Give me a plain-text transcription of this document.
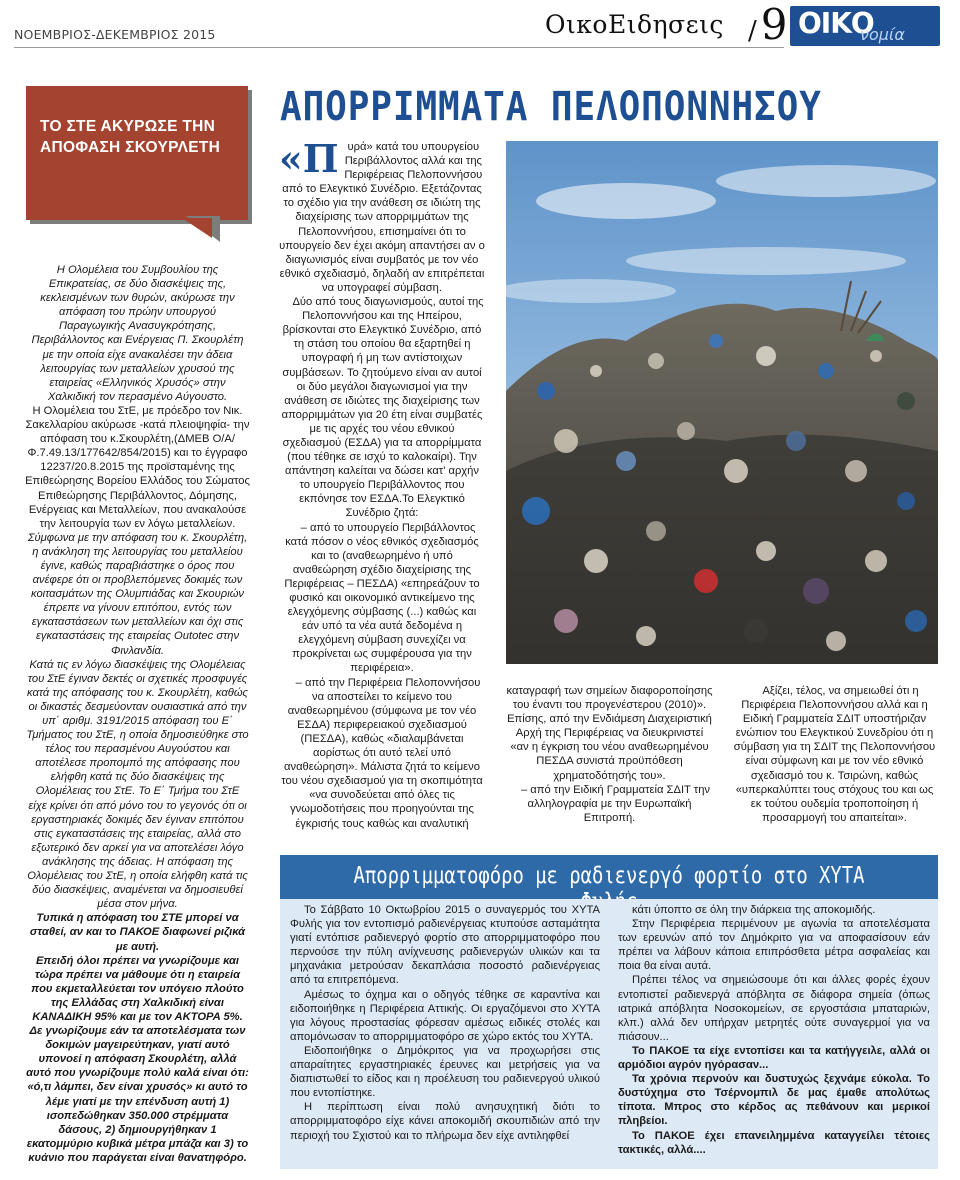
ΝΟΕΜΒΡΙΟΣ-ΔΕΚΕΜΒΡΙΟΣ 2015	ΟικοΕιδησεις /9 ΟΙΚΟ
νομία
ΤΟ ΣΤΕ ΑΚΥΡΩΣΕ ΤΗΝ ΑΠΟΦΑΣΗ ΣΚΟΥΡΛΕΤΗ

Η Ολομέλεια του Συμβουλίου της Επικρατείας, σε δύο διασκέψεις της, κεκλεισμένων των θυρών, ακύρωσε την απόφαση του πρώην υπουργού Παραγωγικής Ανασυγκρότησης, Περιβάλλοντος και Ενέργειας Π. Σκουρλέτη με την οποία είχε ανακαλέσει την άδεια λειτουργίας των μεταλλείων χρυσού της εταιρείας «Ελληνικός Χρυσός» στην Χαλκιδική τον περασμένο Αύγουστο.

Η Ολομέλεια του ΣτΕ, με πρόεδρο τον Νικ. Σακελλαρίου ακύρωσε -κατά πλειοψηφία- την απόφαση του κ.Σκουρλέτη,(ΔΜΕΒ Ο/Α/Φ.7.49.13/177642/854/2015) και το έγγραφο 12237/20.8.2015 της προϊσταμένης της Επιθεώρησης Βορείου Ελλάδος του Σώματος Επιθεώρησης Περιβάλλοντος, Δόμησης, Ενέργειας και Μεταλλείων, που ανακαλούσε την λειτουργία των εν λόγω μεταλλείων.

Σύμφωνα με την απόφαση του κ. Σκουρλέτη, η ανάκληση της λειτουργίας του μεταλλείου έγινε, καθώς παραβιάστηκε ο όρος που ανέφερε ότι οι προβλεπόμενες δοκιμές των κοιτασμάτων της Ολυμπιάδας και Σκουριών έπρεπε να γίνουν επιτόπου, εντός των εγκαταστάσεων των μεταλλείων και όχι στις εγκαταστάσεις της εταιρείας Outotec στην Φινλανδία.

Κατά τις εν λόγω διασκέψεις της Ολομέλειας του ΣτΕ έγιναν δεκτές οι σχετικές προσφυγές κατά της απόφασης του κ. Σκουρλέτη, καθώς οι δικαστές δεσμεύονταν ουσιαστικά από την υπ΄ αριθμ. 3191/2015 απόφαση του Ε΄ Τμήματος του ΣτΕ, η οποία δημοσιεύθηκε στο τέλος του περασμένου Αυγούστου και αποτέλεσε προπομπό της απόφασης που ελήφθη κατά τις δύο διασκέψεις της Ολομέλειας του ΣτΕ. Το Ε΄ Τμήμα του ΣτΕ είχε κρίνει ότι από μόνο του το γεγονός ότι οι εργαστηριακές δοκιμές δεν έγιναν επιτόπου στις εγκαταστάσεις της εταιρείας, αλλά στο εξωτερικό δεν αρκεί για να αποτελέσει λόγο ανάκλησης της άδειας. Η απόφαση της Ολομέλειας του ΣτΕ, η οποία ελήφθη κατά τις δύο διασκέψεις, αναμένεται να δημοσιευθεί μέσα στον μήνα.

Τυπικά η απόφαση του ΣΤΕ μπορεί να σταθεί, αν και το ΠΑΚΟΕ διαφωνεί ριζικά με αυτή.

Επειδή όλοι πρέπει να γνωρίζουμε και τώρα πρέπει να μάθουμε ότι η εταιρεία που εκμεταλλεύεται τον υπόγειο πλούτο της Ελλάδας στη Χαλκιδική είναι ΚΑΝΑΔΙΚΗ 95% και με τον ΑΚΤΟΡΑ 5%.

Δε γνωρίζουμε εάν τα αποτελέσματα των δοκιμών μαγειρεύτηκαν, γιατί αυτό υπονοεί η απόφαση Σκουρλέτη, αλλά αυτό που γνωρίζουμε πολύ καλά είναι ότι: «ό,τι λάμπει, δεν είναι χρυσός» κι αυτό το λέμε γιατί με την επένδυση αυτή 1) ισοπεδώθηκαν 350.000 στρέμματα δάσους, 2) δημιουργήθηκαν 1 εκατομμύριο κυβικά μέτρα μπάζα και 3) το κυάνιο που παράγεται είναι θανατηφόρο.

ΑΠΟΡΡΙΜΜΑΤΑ ΠΕΛΟΠΟΝΝΗΣΟΥ

«Π υρά» κατά του υπουργείου Περιβάλλοντος αλλά και της Περιφέρειας Πελοποννήσου από το Ελεγκτικό Συνέδριο. Εξετάζοντας το σχέδιο για την ανάθεση σε ιδιώτη της διαχείρισης των απορριμμάτων της Πελοποννήσου, επισημαίνει ότι το υπουργείο δεν έχει ακόμη απαντήσει αν ο διαγωνισμός είναι συμβατός με τον νέο εθνικό σχεδιασμό, δηλαδή αν επιτρέπεται να υπογραφεί σύμβαση.

Δύο από τους διαγωνισμούς, αυτοί της Πελοποννήσου και της Ηπείρου, βρίσκονται στο Ελεγκτικό Συνέδριο, από τη στάση του οποίου θα εξαρτηθεί η υπογραφή ή μη των αντίστοιχων συμβάσεων. Το ζητούμενο είναι αν αυτοί οι δύο μεγάλοι διαγωνισμοί για την ανάθεση σε ιδιώτες της διαχείρισης των απορριμμάτων για 20 έτη είναι συμβατές με τις αρχές του νέου εθνικού σχεδιασμού (ΕΣΔΑ) για τα απορρίμματα (που τέθηκε σε ισχύ το καλοκαίρι). Την απάντηση καλείται να δώσει κατ' αρχήν το υπουργείο Περιβάλλοντος που εκπόνησε τον ΕΣΔΑ.Το Ελεγκτικό Συνέδριο ζητά:

– από το υπουργείο Περιβάλλοντος κατά πόσον ο νέος εθνικός σχεδιασμός και το (αναθεωρημένο ή υπό αναθεώρηση σχέδιο διαχείρισης της Περιφέρειας – ΠΕΣΔΑ) «επηρεάζουν το φυσικό και οικονομικό αντικείμενο της ελεγχόμενης σύμβασης (...) καθώς και εάν υπό τα νέα αυτά δεδομένα η ελεγχόμενη σύμβαση συνεχίζει να προκρίνεται ως συμφέρουσα για την περιφέρεια».

– από την Περιφέρεια Πελοποννήσου να αποστείλει το κείμενο του αναθεωρημένου (σύμφωνα με τον νέο ΕΣΔΑ) περιφερειακού σχεδιασμού (ΠΕΣΔΑ), καθώς «διαλαμβάνεται αορίστως ότι αυτό τελεί υπό αναθεώρηση». Μάλιστα ζητά το κείμενο του νέου σχεδιασμού για τη σκοπιμότητα «να συνοδεύεται από όλες τις γνωμοδοτήσεις που προηγούνται της έγκρισής τους καθώς και αναλυτική

καταγραφή των σημείων διαφοροποίησης του έναντι του προγενέστερου (2010)». Επίσης, από την Ενδιάμεση Διαχειριστική Αρχή της Περιφέρειας να διευκρινιστεί «αν η έγκριση του νέου αναθεωρημένου ΠΕΣΔΑ συνιστά προϋπόθεση χρηματοδότησής του».

– από την Ειδική Γραμματεία ΣΔΙΤ την αλληλογραφία με την Ευρωπαϊκή Επιτροπή.

Αξίζει, τέλος, να σημειωθεί ότι η Περιφέρεια Πελοποννήσου αλλά και η Ειδική Γραμματεία ΣΔΙΤ υποστήριζαν ενώπιον του Ελεγκτικού Συνεδρίου ότι η σύμβαση για τη ΣΔΙΤ της Πελοποννήσου είναι σύμφωνη και με τον νέο εθνικό σχεδιασμό του κ. Τσιρώνη, καθώς «υπερκαλύπτει τους στόχους του και ως εκ τούτου ουδεμία τροποποίηση ή προσαρμογή του απαιτείται».

Απορριμματοφόρο με ραδιενεργό φορτίο στο ΧΥΤΑ

Το Σάββατο 10 Οκτωβρίου 2015 ο συναγερμός του ΧΥΤΑ Φυλής για τον εντοπισμό ραδιενέργειας κτυπούσε ασταμάτητα γιατί εντόπισε ραδιενεργό φορτίο στο απορριμματοφόρο που περνούσε την πύλη ανίχνευσης ραδιενεργών υλικών και τα μηχανάκια μετρούσαν δεκαπλάσια ποσοστό ραδιενέργειας από τα επιτρεπόμενα.

Αμέσως το όχημα και ο οδηγός τέθηκε σε καραντίνα και ειδοποιήθηκε η Περιφέρεια Αττικής. Οι εργαζόμενοι στο ΧΥΤΑ για λόγους προστασίας φόρεσαν αμέσως ειδικές στολές και απομόνωσαν το απορριμματοφόρο σε χώρο εκτός του ΧΥΤΑ.

Ειδοποιήθηκε ο Δημόκριτος για να προχωρήσει στις απαραίτητες εργαστηριακές έρευνες και μετρήσεις για να διαπιστωθεί το είδος και η προέλευση του ραδιενεργού υλικού που εντοπίστηκε.

Η περίπτωση είναι πολύ ανησυχητική διότι το απορριμματοφόρο είχε κάνει αποκομιδή σκουπιδιών από την περιοχή του Σχιστού και το πλήρωμα δεν είχε αντιληφθεί

κάτι ύποπτο σε όλη την διάρκεια της αποκομιδής.

Στην Περιφέρεια περιμένουν με αγωνία τα αποτελέσματα των ερευνών από τον Δημόκριτο για να αποφασίσουν εάν πρέπει να λάβουν κάποια επιπρόσθετα μέτρα ασφαλείας και ποια θα είναι αυτά.

Πρέπει τέλος να σημειώσουμε ότι και άλλες φορές έχουν εντοπιστεί ραδιενεργά απόβλητα σε διάφορα σημεία (όπως ιατρικά απόβλητα Νοσοκομείων, σε εργοστάσια μπαταριών, κλπ.) αλλά δεν υπήρχαν μετρητές ούτε συναγερμοί για να πιάσουν...

Το ΠΑΚΟΕ τα είχε εντοπίσει και τα κατήγγειλε, αλλά οι αρμόδιοι αγρόν ηγόρασαν...

Τα χρόνια περνούν και δυστυχώς ξεχνάμε εύκολα. Το δυστύχημα στο Τσέρνομπιλ δε μας έμαθε απολύτως τίποτα. Μπρος στο κέρδος ας πεθάνουν και μερικοί πληβείοι.

Το ΠΑΚΟΕ έχει επανειλημμένα καταγγείλει τέτοιες τακτικές, αλλά....
